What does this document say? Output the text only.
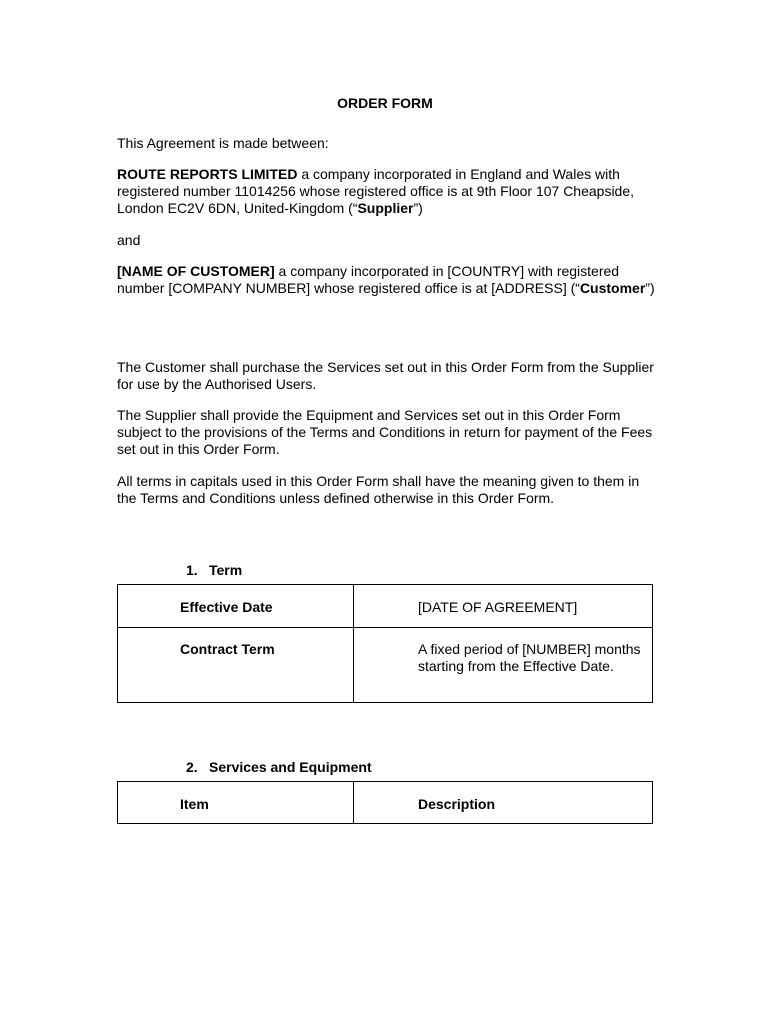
ORDER FORM
This Agreement is made between:
ROUTE REPORTS LIMITED a company incorporated in England and Wales with registered number 11014256 whose registered office is at 9th Floor 107 Cheapside, London EC2V 6DN, United-Kingdom (“Supplier”)
and
[NAME OF CUSTOMER] a company incorporated in [COUNTRY] with registered number [COMPANY NUMBER] whose registered office is at [ADDRESS] (“Customer”)
The Customer shall purchase the Services set out in this Order Form from the Supplier for use by the Authorised Users.
The Supplier shall provide the Equipment and Services set out in this Order Form subject to the provisions of the Terms and Conditions in return for payment of the Fees set out in this Order Form.
All terms in capitals used in this Order Form shall have the meaning given to them in the Terms and Conditions unless defined otherwise in this Order Form.
1. Term
Effective Date	[DATE OF AGREEMENT]

Contract Term	A fixed period of [NUMBER] months starting from the Effective Date.
2. Services and Equipment
Item	Description
